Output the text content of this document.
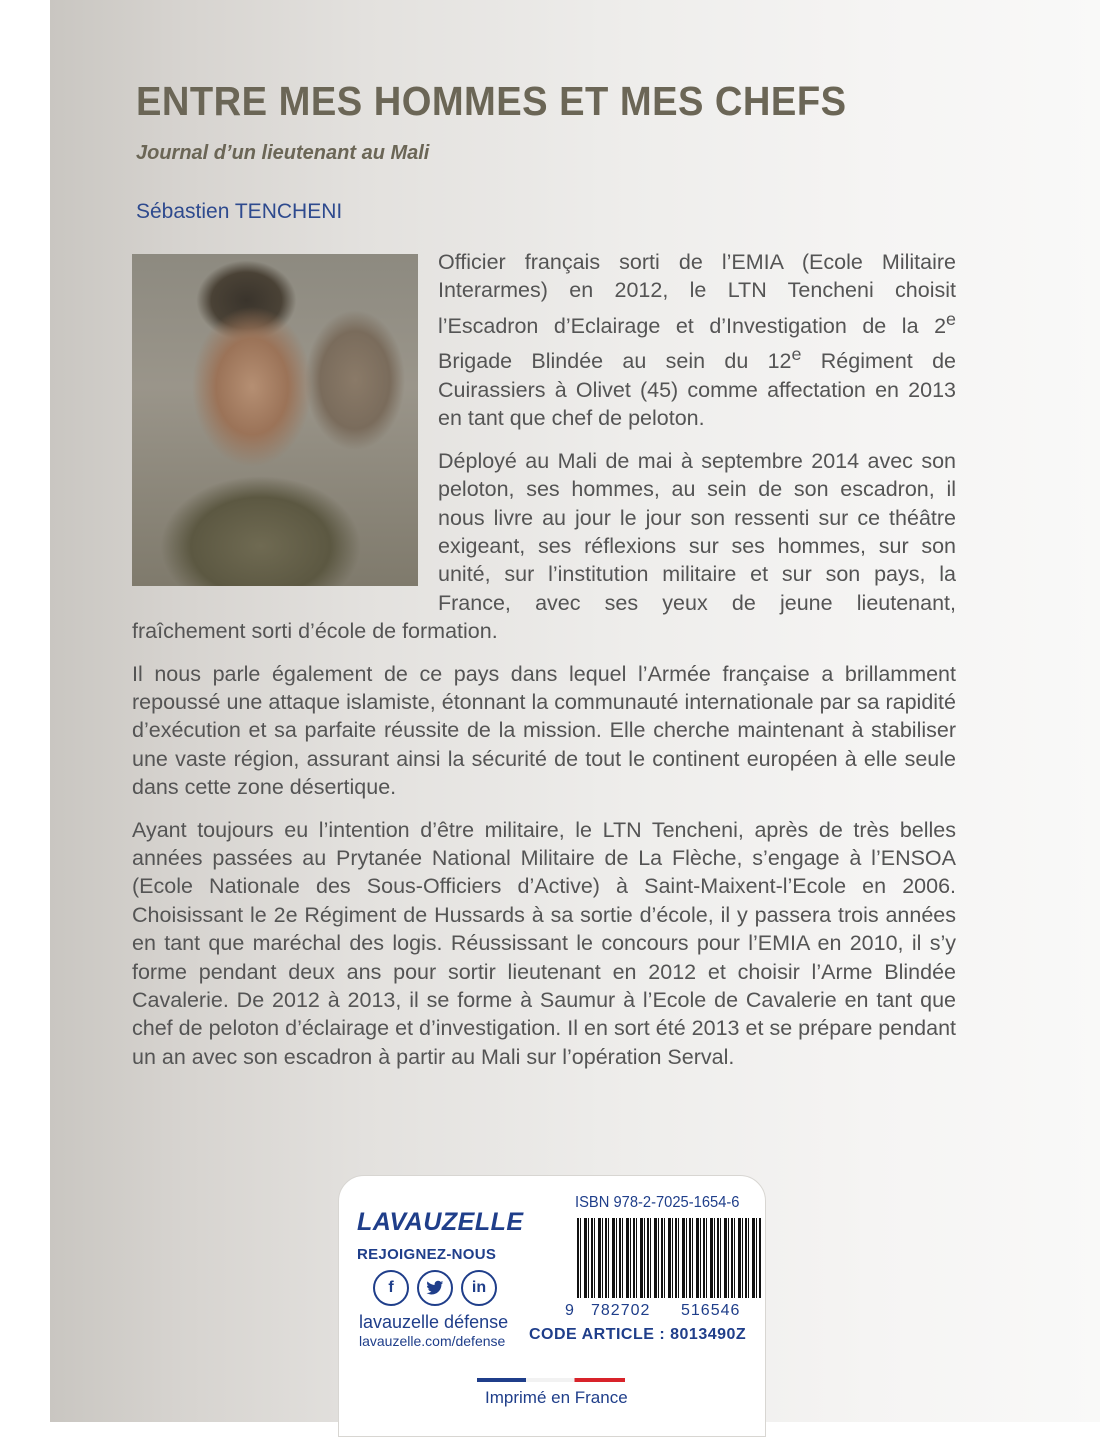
ENTRE MES HOMMES ET MES CHEFS
Journal d’un lieutenant au Mali
Sébastien TENCHENI

Officier français sorti de l’EMIA (Ecole Militaire Interarmes) en 2012, le LTN Tencheni choisit l’Escadron d’Eclairage et d’Investigation de la 2e Brigade Blindée au sein du 12e Régiment de Cuirassiers à Olivet (45) comme affectation en 2013 en tant que chef de peloton.

Déployé au Mali de mai à septembre 2014 avec son peloton, ses hommes, au sein de son escadron, il nous livre au jour le jour son ressenti sur ce théâtre exigeant, ses réflexions sur ses hommes, sur son unité, sur l’institution militaire et sur son pays, la France, avec ses yeux de jeune lieutenant, fraîchement sorti d’école de formation.

Il nous parle également de ce pays dans lequel l’Armée française a brillamment repoussé une attaque islamiste, étonnant la communauté internationale par sa rapidité d’exécution et sa parfaite réussite de la mission. Elle cherche maintenant à stabiliser une vaste région, assurant ainsi la sécurité de tout le continent européen à elle seule dans cette zone désertique.

Ayant toujours eu l’intention d’être militaire, le LTN Tencheni, après de très belles années passées au Prytanée National Militaire de La Flèche, s’engage à l’ENSOA (Ecole Nationale des Sous-Officiers d’Active) à Saint-Maixent-l’Ecole en 2006. Choisissant le 2e Régiment de Hussards à sa sortie d’école, il y passera trois années en tant que maréchal des logis. Réussissant le concours pour l’EMIA en 2010, il s’y forme pendant deux ans pour sortir lieutenant en 2012 et choisir l’Arme Blindée Cavalerie. De 2012 à 2013, il se forme à Saumur à l’Ecole de Cavalerie en tant que chef de peloton d’éclairage et d’investigation. Il en sort été 2013 et se prépare pendant un an avec son escadron à partir au Mali sur l’opération Serval.

LAVAUZELLE
REJOIGNEZ-NOUS
f	in
lavauzelle défense
lavauzelle.com/defense
ISBN 978-2-7025-1654-6
9 782702 516546
CODE ARTICLE : 8013490Z
Imprimé en France
